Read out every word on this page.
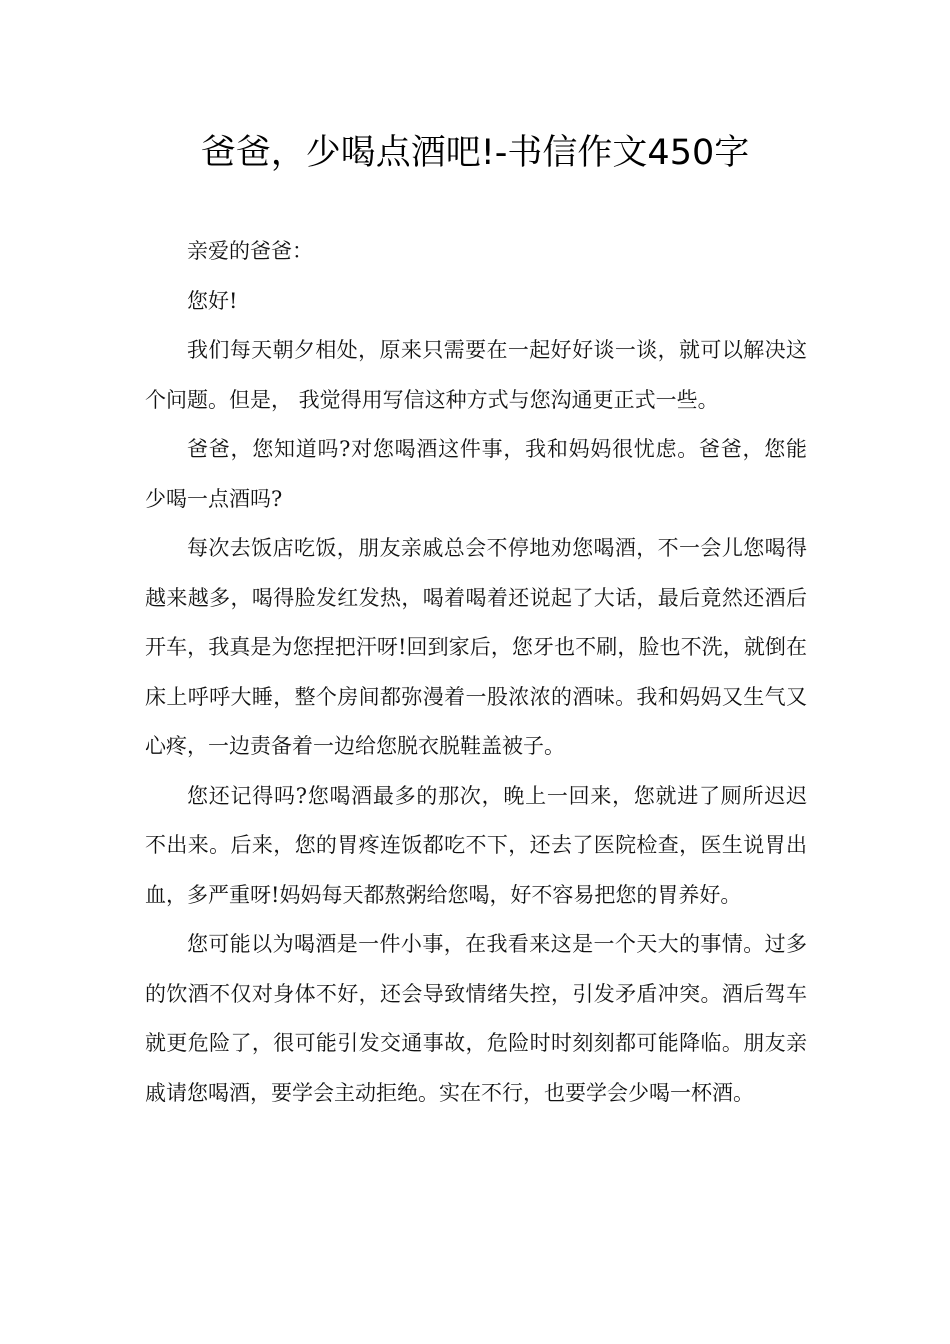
爸爸，少喝点酒吧!-书信作文450字

亲爱的爸爸：

您好!

我们每天朝夕相处，原来只需要在一起好好谈一谈，就可以解决这个问题。但是， 我觉得用写信这种方式与您沟通更正式一些。

爸爸，您知道吗?对您喝酒这件事，我和妈妈很忧虑。爸爸，您能少喝一点酒吗?

每次去饭店吃饭，朋友亲戚总会不停地劝您喝酒，不一会儿您喝得越来越多，喝得脸发红发热，喝着喝着还说起了大话，最后竟然还酒后开车，我真是为您捏把汗呀!回到家后，您牙也不刷，脸也不洗，就倒在床上呼呼大睡，整个房间都弥漫着一股浓浓的酒味。我和妈妈又生气又心疼，一边责备着一边给您脱衣脱鞋盖被子。

您还记得吗?您喝酒最多的那次，晚上一回来，您就进了厕所迟迟不出来。后来，您的胃疼连饭都吃不下，还去了医院检查，医生说胃出血，多严重呀!妈妈每天都熬粥给您喝，好不容易把您的胃养好。

您可能以为喝酒是一件小事，在我看来这是一个天大的事情。过多的饮酒不仅对身体不好，还会导致情绪失控，引发矛盾冲突。酒后驾车就更危险了，很可能引发交通事故，危险时时刻刻都可能降临。朋友亲戚请您喝酒，要学会主动拒绝。实在不行，也要学会少喝一杯酒。
